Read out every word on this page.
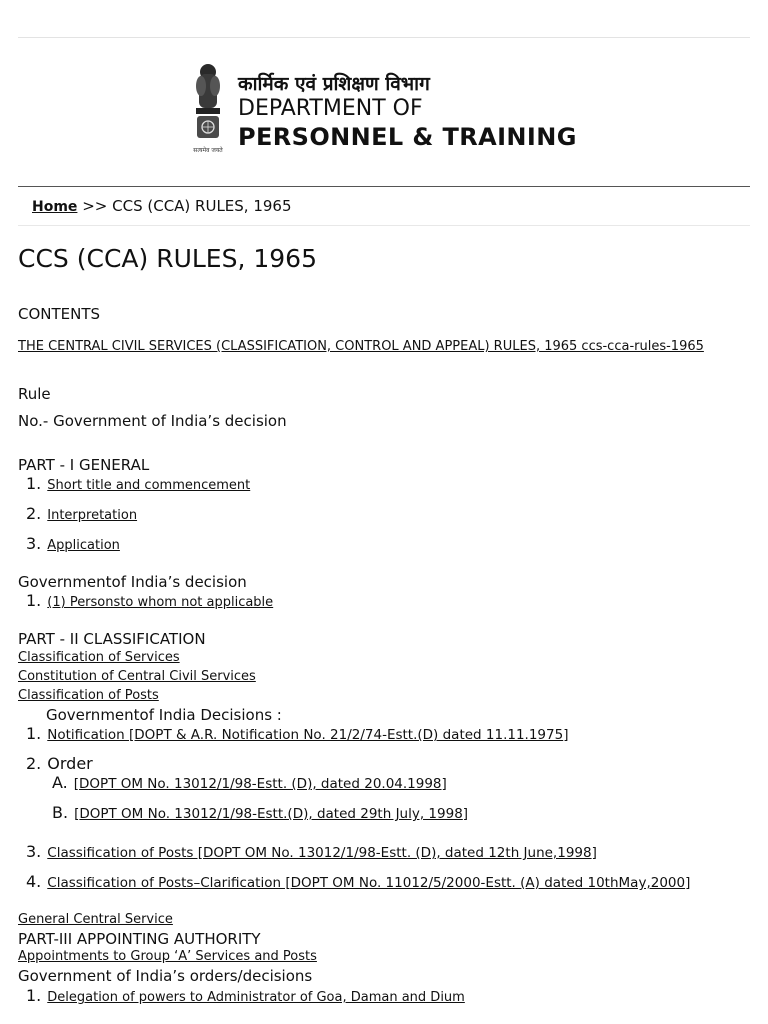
सत्यमेव जयते
कार्मिक एवं प्रशिक्षण विभाग
DEPARTMENT OF
PERSONNEL & TRAINING
Home >> CCS (CCA) RULES, 1965
CCS (CCA) RULES, 1965
CONTENTS
THE CENTRAL CIVIL SERVICES (CLASSIFICATION, CONTROL AND APPEAL) RULES, 1965 ccs-cca-rules-1965
Rule
No.- Government of India’s decision
PART - I GENERAL
1. Short title and commencement
2. Interpretation
3. Application
Governmentof India’s decision
1. (1) Personsto whom not applicable
PART - II CLASSIFICATION
Classification of Services
Constitution of Central Civil Services
Classification of Posts
Governmentof India Decisions :
1. Notification [DOPT & A.R. Notification No. 21/2/74-Estt.(D) dated 11.11.1975]
2. Order
A. [DOPT OM No. 13012/1/98-Estt. (D), dated 20.04.1998]
B. [DOPT OM No. 13012/1/98-Estt.(D), dated 29th July, 1998]
3. Classification of Posts [DOPT OM No. 13012/1/98-Estt. (D), dated 12th June,1998]
4. Classification of Posts–Clarification [DOPT OM No. 11012/5/2000-Estt. (A) dated 10thMay,2000]
General Central Service
PART-III APPOINTING AUTHORITY
Appointments to Group ‘A’ Services and Posts
Government of India’s orders/decisions
1. Delegation of powers to Administrator of Goa, Daman and Dium
